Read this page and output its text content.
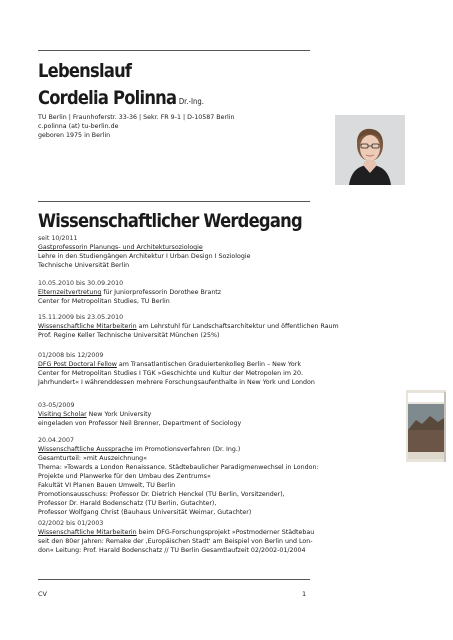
Lebenslauf
Cordelia Polinna Dr.-Ing.
TU Berlin | Fraunhoferstr. 33-36 | Sekr. FR 9-1 | D-10587 Berlin
c.polinna (at) tu-berlin.de
geboren 1975 in Berlin
Wissenschaftlicher Werdegang
seit 10/2011
Gastprofessorin Planungs- und Architektursoziologie
Lehre in den Studiengängen Architektur I Urban Design I Soziologie
Technische Universität Berlin
10.05.2010 bis 30.09.2010
Elternzeitvertretung für Juniorprofessorin Dorothee Brantz
Center for Metropolitan Studies, TU Berlin
15.11.2009 bis 23.05.2010
Wissenschaftliche Mitarbeiterin am Lehrstuhl für Landschaftsarchitektur und öffentlichen Raum
Prof. Regine Keller Technische Universität München (25%)
01/2008 bis 12/2009
DFG Post Doctoral Fellow am Transatlantischen Graduiertenkolleg Berlin – New York
Center for Metropolitan Studies I TGK »Geschichte und Kultur der Metropolen im 20.
Jahrhundert« I währenddessen mehrere Forschungsaufenthalte in New York und London
03-05/2009
Visiting Scholar New York University
eingeladen von Professor Neil Brenner, Department of Sociology
20.04.2007
Wissenschaftliche Aussprache im Promotionsverfahren (Dr. Ing.)
Gesamturteil: »mit Auszeichnung«
Thema: »Towards a London Renaissance. Städtebaulicher Paradigmenwechsel in London:
Projekte und Planwerke für den Umbau des Zentrums«
Fakultät VI Planen Bauen Umwelt, TU Berlin
Promotionsausschuss: Professor Dr. Dietrich Henckel (TU Berlin, Vorsitzender),
Professor Dr. Harald Bodenschatz (TU Berlin, Gutachter),
Professor Wolfgang Christ (Bauhaus Universität Weimar, Gutachter)
02/2002 bis 01/2003
Wissenschaftliche Mitarbeiterin beim DFG-Forschungsprojekt »Postmoderner Städtebau
seit den 80er Jahren: Remake der ‚Europäischen Stadt' am Beispiel von Berlin und Lon-
don« Leitung: Prof. Harald Bodenschatz // TU Berlin Gesamtlaufzeit 02/2002-01/2004
CV	1
